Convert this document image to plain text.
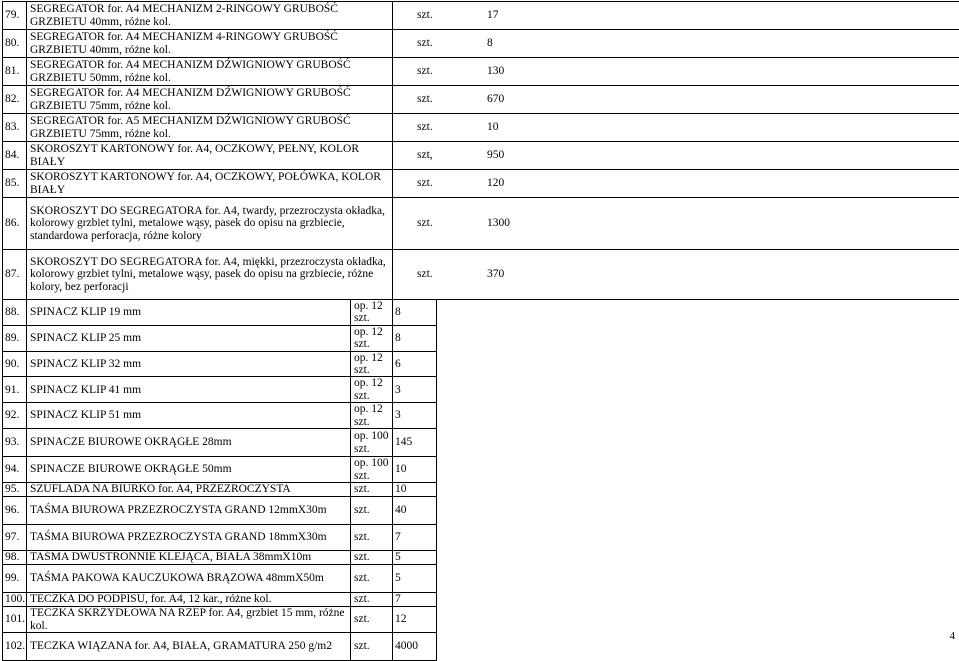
79.	SEGREGATOR for. A4 MECHANIZM 2-RINGOWY GRUBOŚĆ GRZBIETU 40mm, różne kol.		szt. 17	
80.	SEGREGATOR for. A4 MECHANIZM 4-RINGOWY GRUBOŚĆ GRZBIETU 40mm, różne kol.		szt. 8	
81.	SEGREGATOR for. A4 MECHANIZM DŹWIGNIOWY GRUBOŚĆ GRZBIETU 50mm, różne kol.		szt. 130	
82.	SEGREGATOR for. A4 MECHANIZM DŹWIGNIOWY GRUBOŚĆ GRZBIETU 75mm, różne kol.		szt. 670	
83.	SEGREGATOR for. A5 MECHANIZM DŹWIGNIOWY GRUBOŚĆ GRZBIETU 75mm, różne kol.		szt. 10	
84.	SKOROSZYT KARTONOWY for. A4, OCZKOWY, PEŁNY, KOLOR BIAŁY		szt, 950	
85.	SKOROSZYT KARTONOWY for. A4, OCZKOWY, POŁÓWKA, KOLOR BIAŁY		szt. 120	
86.	SKOROSZYT DO SEGREGATORA for. A4, twardy, przezroczysta okładka, kolorowy grzbiet tylni, metalowe wąsy, pasek do opisu na grzbiecie, standardowa perforacja, różne kolory		szt. 1300	
87.	SKOROSZYT DO SEGREGATORA for. A4, miękki, przezroczysta okładka, kolorowy grzbiet tylni, metalowe wąsy, pasek do opisu na grzbiecie, różne kolory, bez perforacji		szt. 370	
88.	SPINACZ KLIP 19 mm	op. 12 szt.	8	
89.	SPINACZ KLIP 25 mm	op. 12 szt.	8	
90.	SPINACZ KLIP 32 mm	op. 12 szt.	6	
91.	SPINACZ KLIP 41 mm	op. 12 szt.	3	
92.	SPINACZ KLIP 51 mm	op. 12 szt.	3	
93.	SPINACZE BIUROWE OKRĄGŁE 28mm	op. 100 szt.	145	
94.	SPINACZE BIUROWE OKRĄGŁE 50mm	op. 100 szt.	10	
95.	SZUFLADA NA BIURKO for. A4, PRZEZROCZYSTA	szt.	10	
96.	TAŚMA BIUROWA PRZEZROCZYSTA GRAND 12mmX30m	szt.	40	
97.	TAŚMA BIUROWA PRZEZROCZYSTA GRAND 18mmX30m	szt.	7	
98.	TAŚMA DWUSTRONNIE KLEJĄCA, BIAŁA 38mmX10m	szt.	5	
99.	TAŚMA PAKOWA KAUCZUKOWA BRĄZOWA 48mmX50m	szt.	5	
100.	TECZKA DO PODPISU, for. A4, 12 kar., różne kol.	szt.	7	
101.	TECZKA SKRZYDŁOWA NA RZEP for. A4, grzbiet 15 mm, różne kol.	szt.	12	
102.	TECZKA WIĄZANA for. A4, BIAŁA, GRAMATURA 250 g/m2	szt.	4000	
4
